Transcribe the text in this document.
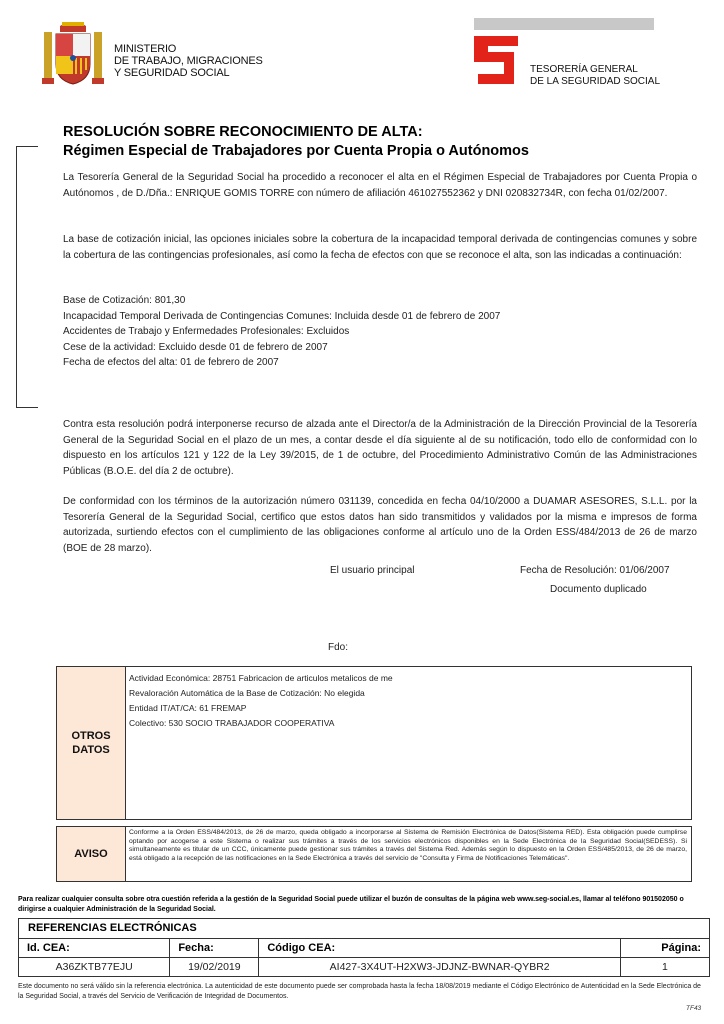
MINISTERIO
DE TRABAJO, MIGRACIONES
Y SEGURIDAD SOCIAL	TESORERÍA GENERAL
DE LA SEGURIDAD SOCIAL
RESOLUCIÓN SOBRE RECONOCIMIENTO DE ALTA:
Régimen Especial de Trabajadores por Cuenta Propia o Autónomos
La Tesorería General de la Seguridad Social ha procedido a reconocer el alta en el Régimen Especial de Trabajadores por Cuenta Propia o Autónomos , de D./Dña.: ENRIQUE GOMIS TORRE con número de afiliación 461027552362 y DNI 020832734R, con fecha 01/02/2007.
La base de cotización inicial, las opciones iniciales sobre la cobertura de la incapacidad temporal derivada de contingencias comunes y sobre la cobertura de las contingencias profesionales, así como la fecha de efectos con que se reconoce el alta, son las indicadas a continuación:
Base de Cotización: 801,30
Incapacidad Temporal Derivada de Contingencias Comunes: Incluida desde 01 de febrero de 2007
Accidentes de Trabajo y Enfermedades Profesionales: Excluidos
Cese de la actividad: Excluido desde 01 de febrero de 2007
Fecha de efectos del alta: 01 de febrero de 2007
Contra esta resolución podrá interponerse recurso de alzada ante el Director/a de la Administración de la Dirección Provincial de la Tesorería General de la Seguridad Social en el plazo de un mes, a contar desde el día siguiente al de su notificación, todo ello de conformidad con lo dispuesto en los artículos 121 y 122 de la Ley 39/2015, de 1 de octubre, del Procedimiento Administrativo Común de las Administraciones Públicas (B.O.E. del día 2 de octubre).
De conformidad con los términos de la autorización número 031139, concedida en fecha 04/10/2000 a DUAMAR ASESORES, S.L.L. por la Tesorería General de la Seguridad Social, certifico que estos datos han sido transmitidos y validados por la misma e impresos de forma autorizada, surtiendo efectos con el cumplimiento de las obligaciones conforme al artículo uno de la Orden ESS/484/2013 de 26 de marzo (BOE de 28 marzo).
El usuario principal	Fecha de Resolución: 01/06/2007
Documento duplicado
Fdo:
OTROS
DATOS
Actividad Económica: 28751 Fabricacion de articulos metalicos de me
Revaloración Automática de la Base de Cotización: No elegida
Entidad IT/AT/CA: 61 FREMAP
Colectivo: 530 SOCIO TRABAJADOR COOPERATIVA
AVISO
Conforme a la Orden ESS/484/2013, de 26 de marzo, queda obligado a incorporarse al Sistema de Remisión Electrónica de Datos(Sistema RED). Esta obligación puede cumplirse optando por acogerse a este Sistema o realizar sus trámites a través de los servicios electrónicos disponibles en la Sede Electrónica de la Seguridad Social(SEDESS). Si simultaneamente es titular de un CCC, únicamente puede gestionar sus trámites a través del Sistema Red. Además según lo dispuesto en la Orden ESS/485/2013, de 26 de marzo, está obligado a la recepción de las notificaciones en la Sede Electrónica a través del servicio de "Consulta y Firma de Notificaciones Telemáticas".
Para realizar cualquier consulta sobre otra cuestión referida a la gestión de la Seguridad Social puede utilizar el buzón de consultas de la página web www.seg-social.es, llamar al teléfono 901502050 o dirigirse a cualquier Administración de la Seguridad Social.
REFERENCIAS ELECTRÓNICAS
Id. CEA:	Fecha:	Código CEA:	Página:
A36ZKTB77EJU	19/02/2019	AI427-3X4UT-H2XW3-JDJNZ-BWNAR-QYBR2	1
Este documento no será válido sin la referencia electrónica. La autenticidad de este documento puede ser comprobada hasta la fecha 18/08/2019 mediante el Código Electrónico de Autenticidad en la Sede Electrónica de la Seguridad Social, a través del Servicio de Verificación de Integridad de Documentos.
TF43
